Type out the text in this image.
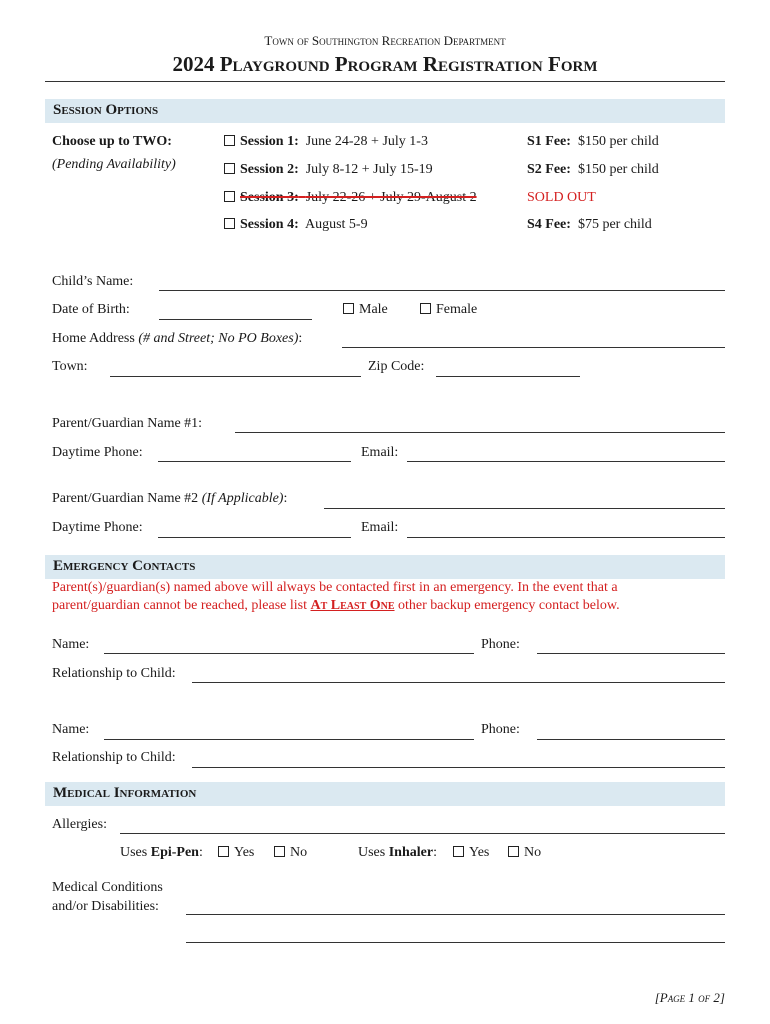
Town of Southington Recreation Department
2024 Playground Program Registration Form
Session Options
Choose up to TWO:
(Pending Availability)
Session 1: June 24-28 + July 1-3	S1 Fee: $150 per child
Session 2: July 8-12 + July 15-19	S2 Fee: $150 per child
Session 3: July 22-26 + July 29-August 2	SOLD OUT
Session 4: August 5-9	S4 Fee: $75 per child
Child’s Name:
Date of Birth:	Male	Female
Home Address (# and Street; No PO Boxes):
Town:	Zip Code:
Parent/Guardian Name #1:
Daytime Phone:	Email:
Parent/Guardian Name #2 (If Applicable):
Daytime Phone:	Email:
Emergency Contacts
Parent(s)/guardian(s) named above will always be contacted first in an emergency. In the event that a
parent/guardian cannot be reached, please list At Least One other backup emergency contact below.
Name:	Phone:
Relationship to Child:
Name:	Phone:
Relationship to Child:
Medical Information
Allergies:
Uses Epi-Pen:	Yes	No	Uses Inhaler:	Yes	No
Medical Conditions
and/or Disabilities:
[Page 1 of 2]
